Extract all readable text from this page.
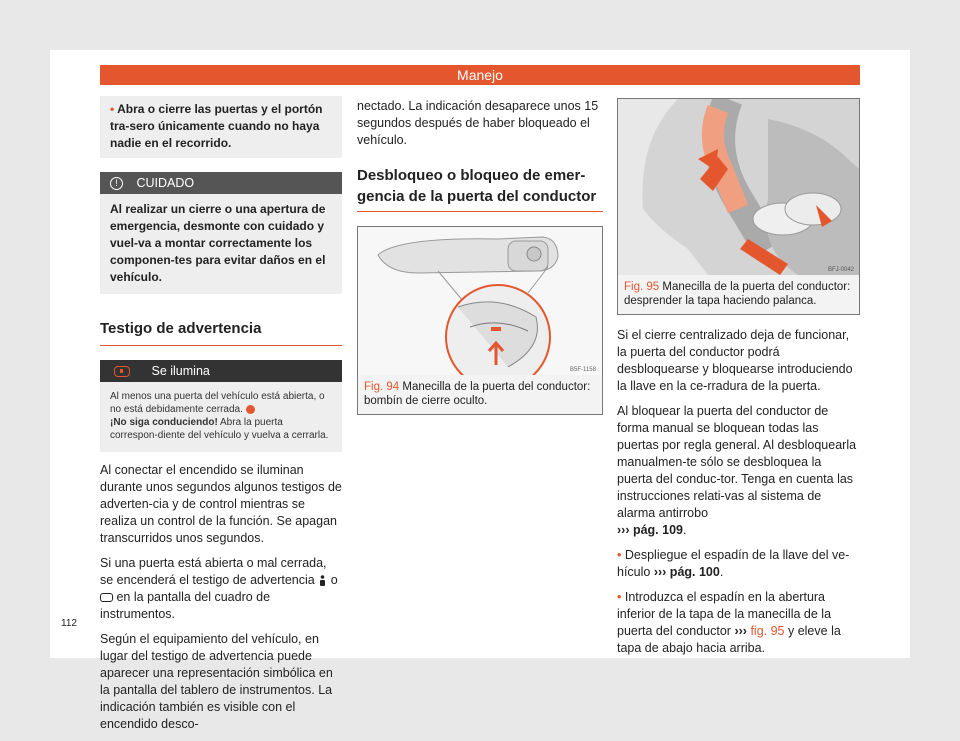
Manejo
• Abra o cierre las puertas y el portón tra-sero únicamente cuando no haya nadie en el recorrido.
! CUIDADO
Al realizar un cierre o una apertura de emergencia, desmonte con cuidado y vuel-va a montar correctamente los componen-tes para evitar daños en el vehículo.
Testigo de advertencia
Se ilumina
Al menos una puerta del vehículo está abierta, o no está debidamente cerrada.
¡No siga conduciendo! Abra la puerta correspon-diente del vehículo y vuelva a cerrarla.

Al conectar el encendido se iluminan durante unos segundos algunos testigos de adverten-cia y de control mientras se realiza un control de la función. Se apagan transcurridos unos segundos.

Si una puerta está abierta o mal cerrada, se encenderá el testigo de advertencia o  en la pantalla del cuadro de instrumentos.

Según el equipamiento del vehículo, en lugar del testigo de advertencia puede aparecer una representación simbólica en la pantalla del tablero de instrumentos. La indicación también es visible con el encendido desco-

nectado. La indicación desaparece unos 15 segundos después de haber bloqueado el vehículo.

Desbloqueo o bloqueo de emer-gencia de la puerta del conductor
B5F-1158
Fig. 94 Manecilla de la puerta del conductor: bombín de cierre oculto.
BFJ-0042
Fig. 95 Manecilla de la puerta del conductor: desprender la tapa haciendo palanca.

Si el cierre centralizado deja de funcionar, la puerta del conductor podrá desbloquearse y bloquearse introduciendo la llave en la ce-rradura de la puerta.

Al bloquear la puerta del conductor de forma manual se bloquean todas las puertas por regla general. Al desbloquearla manualmen-te sólo se desbloquea la puerta del conduc-tor. Tenga en cuenta las instrucciones relati-vas al sistema de alarma antirrobo
››› pág. 109.

• Despliegue el espadín de la llave del ve-hículo ››› pág. 100.

• Introduzca el espadín en la abertura inferior de la tapa de la manecilla de la puerta del conductor ››› fig. 95 y eleve la tapa de abajo hacia arriba.

112
